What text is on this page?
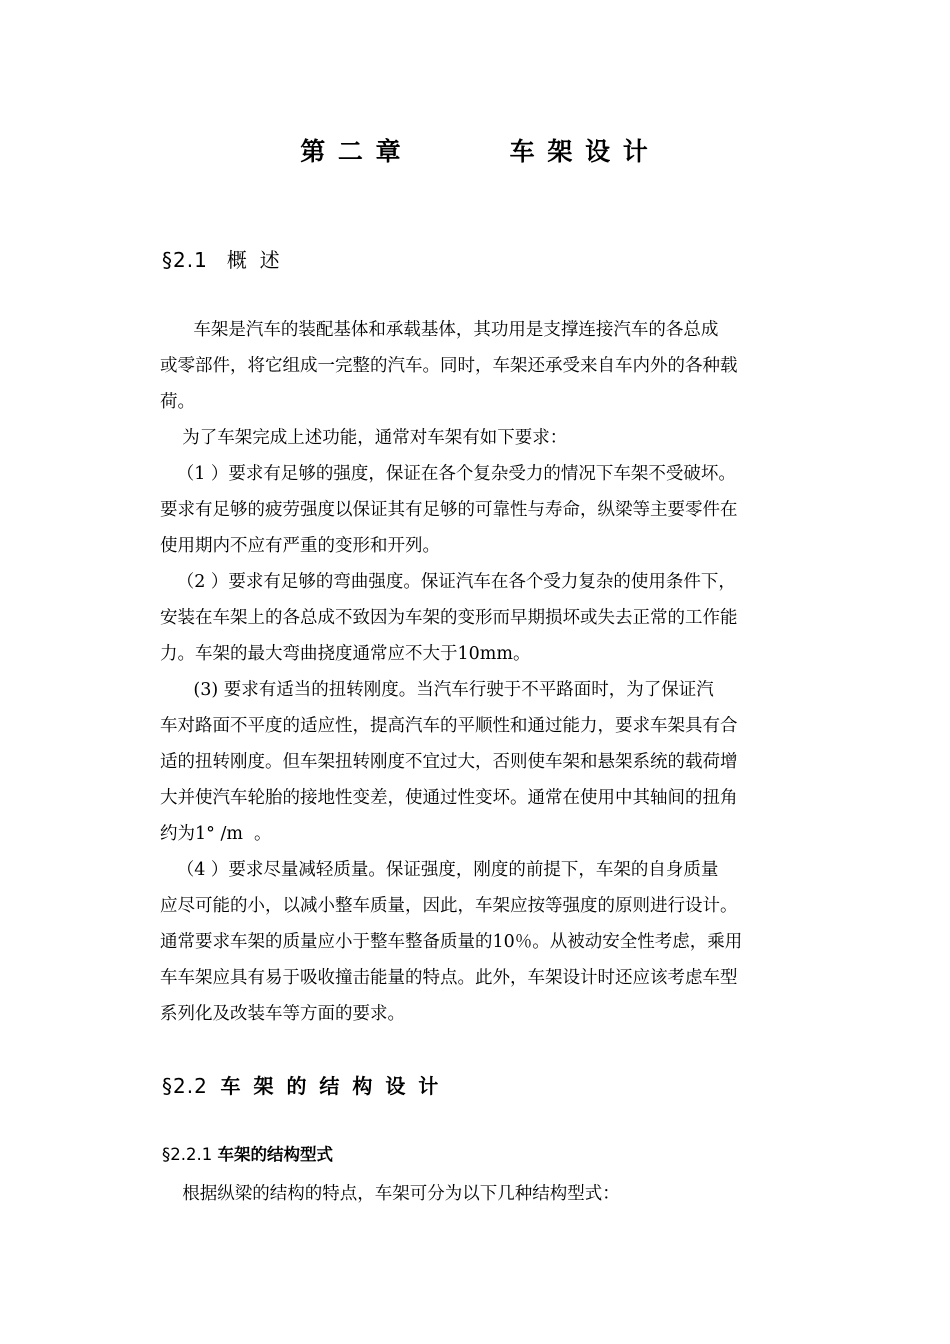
第 二 章          车 架 设 计
§2.1 概  述
车架是汽车的装配基体和承载基体，其功用是支撑连接汽车的各总成
或零部件，将它组成一完整的汽车。同时，车架还承受来自车内外的各种载
荷。
为了车架完成上述功能，通常对车架有如下要求：
（1 ）要求有足够的强度，保证在各个复杂受力的情况下车架不受破坏。
要求有足够的疲劳强度以保证其有足够的可靠性与寿命，纵梁等主要零件在
使用期内不应有严重的变形和开列。
（2 ）要求有足够的弯曲强度。保证汽车在各个受力复杂的使用条件下，
安装在车架上的各总成不致因为车架的变形而早期损坏或失去正常的工作能
力。车架的最大弯曲挠度通常应不大于10mm。
(3) 要求有适当的扭转刚度。当汽车行驶于不平路面时，为了保证汽
车对路面不平度的适应性，提高汽车的平顺性和通过能力，要求车架具有合
适的扭转刚度。但车架扭转刚度不宜过大，否则使车架和悬架系统的载荷增
大并使汽车轮胎的接地性变差，使通过性变坏。通常在使用中其轴间的扭角
约为1° /m  。
（4 ）要求尽量减轻质量。保证强度，刚度的前提下，车架的自身质量
应尽可能的小，以减小整车质量，因此，车架应按等强度的原则进行设计。
通常要求车架的质量应小于整车整备质量的10％。从被动安全性考虑，乘用
车车架应具有易于吸收撞击能量的特点。此外，车架设计时还应该考虑车型
系列化及改装车等方面的要求。
§2.2 车 架 的 结 构 设 计
§2.2.1 车架的结构型式
根据纵梁的结构的特点，车架可分为以下几种结构型式：
